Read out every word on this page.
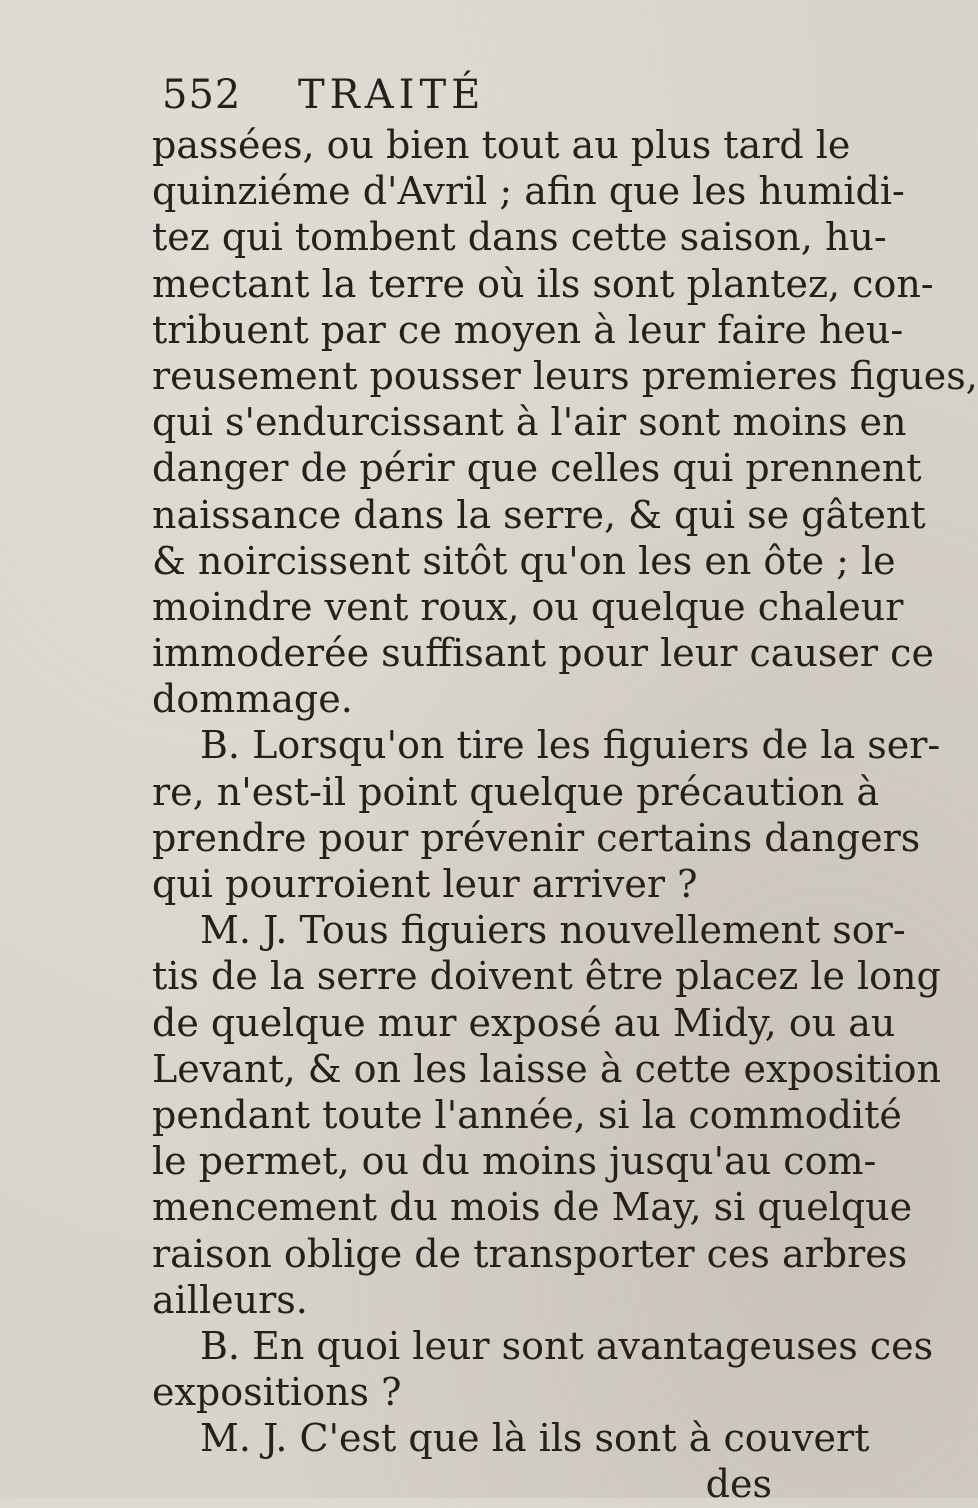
552 TRAITÉ
passées, ou bien tout au plus tard le
quinziéme d'Avril ; afin que les humidi-
tez qui tombent dans cette saison, hu-
mectant la terre où ils sont plantez, con-
tribuent par ce moyen à leur faire heu-
reusement pousser leurs premieres figues,
qui s'endurcissant à l'air sont moins en
danger de périr que celles qui prennent
naissance dans la serre, & qui se gâtent
& noircissent sitôt qu'on les en ôte ; le
moindre vent roux, ou quelque chaleur
immoderée suffisant pour leur causer ce
dommage.
B. Lorsqu'on tire les figuiers de la ser-
re, n'est-il point quelque précaution à
prendre pour prévenir certains dangers
qui pourroient leur arriver ?
M. J. Tous figuiers nouvellement sor-
tis de la serre doivent être placez le long
de quelque mur exposé au Midy, ou au
Levant, & on les laisse à cette exposition
pendant toute l'année, si la commodité
le permet, ou du moins jusqu'au com-
mencement du mois de May, si quelque
raison oblige de transporter ces arbres
ailleurs.
B. En quoi leur sont avantageuses ces
expositions ?
M. J. C'est que là ils sont à couvert
des
